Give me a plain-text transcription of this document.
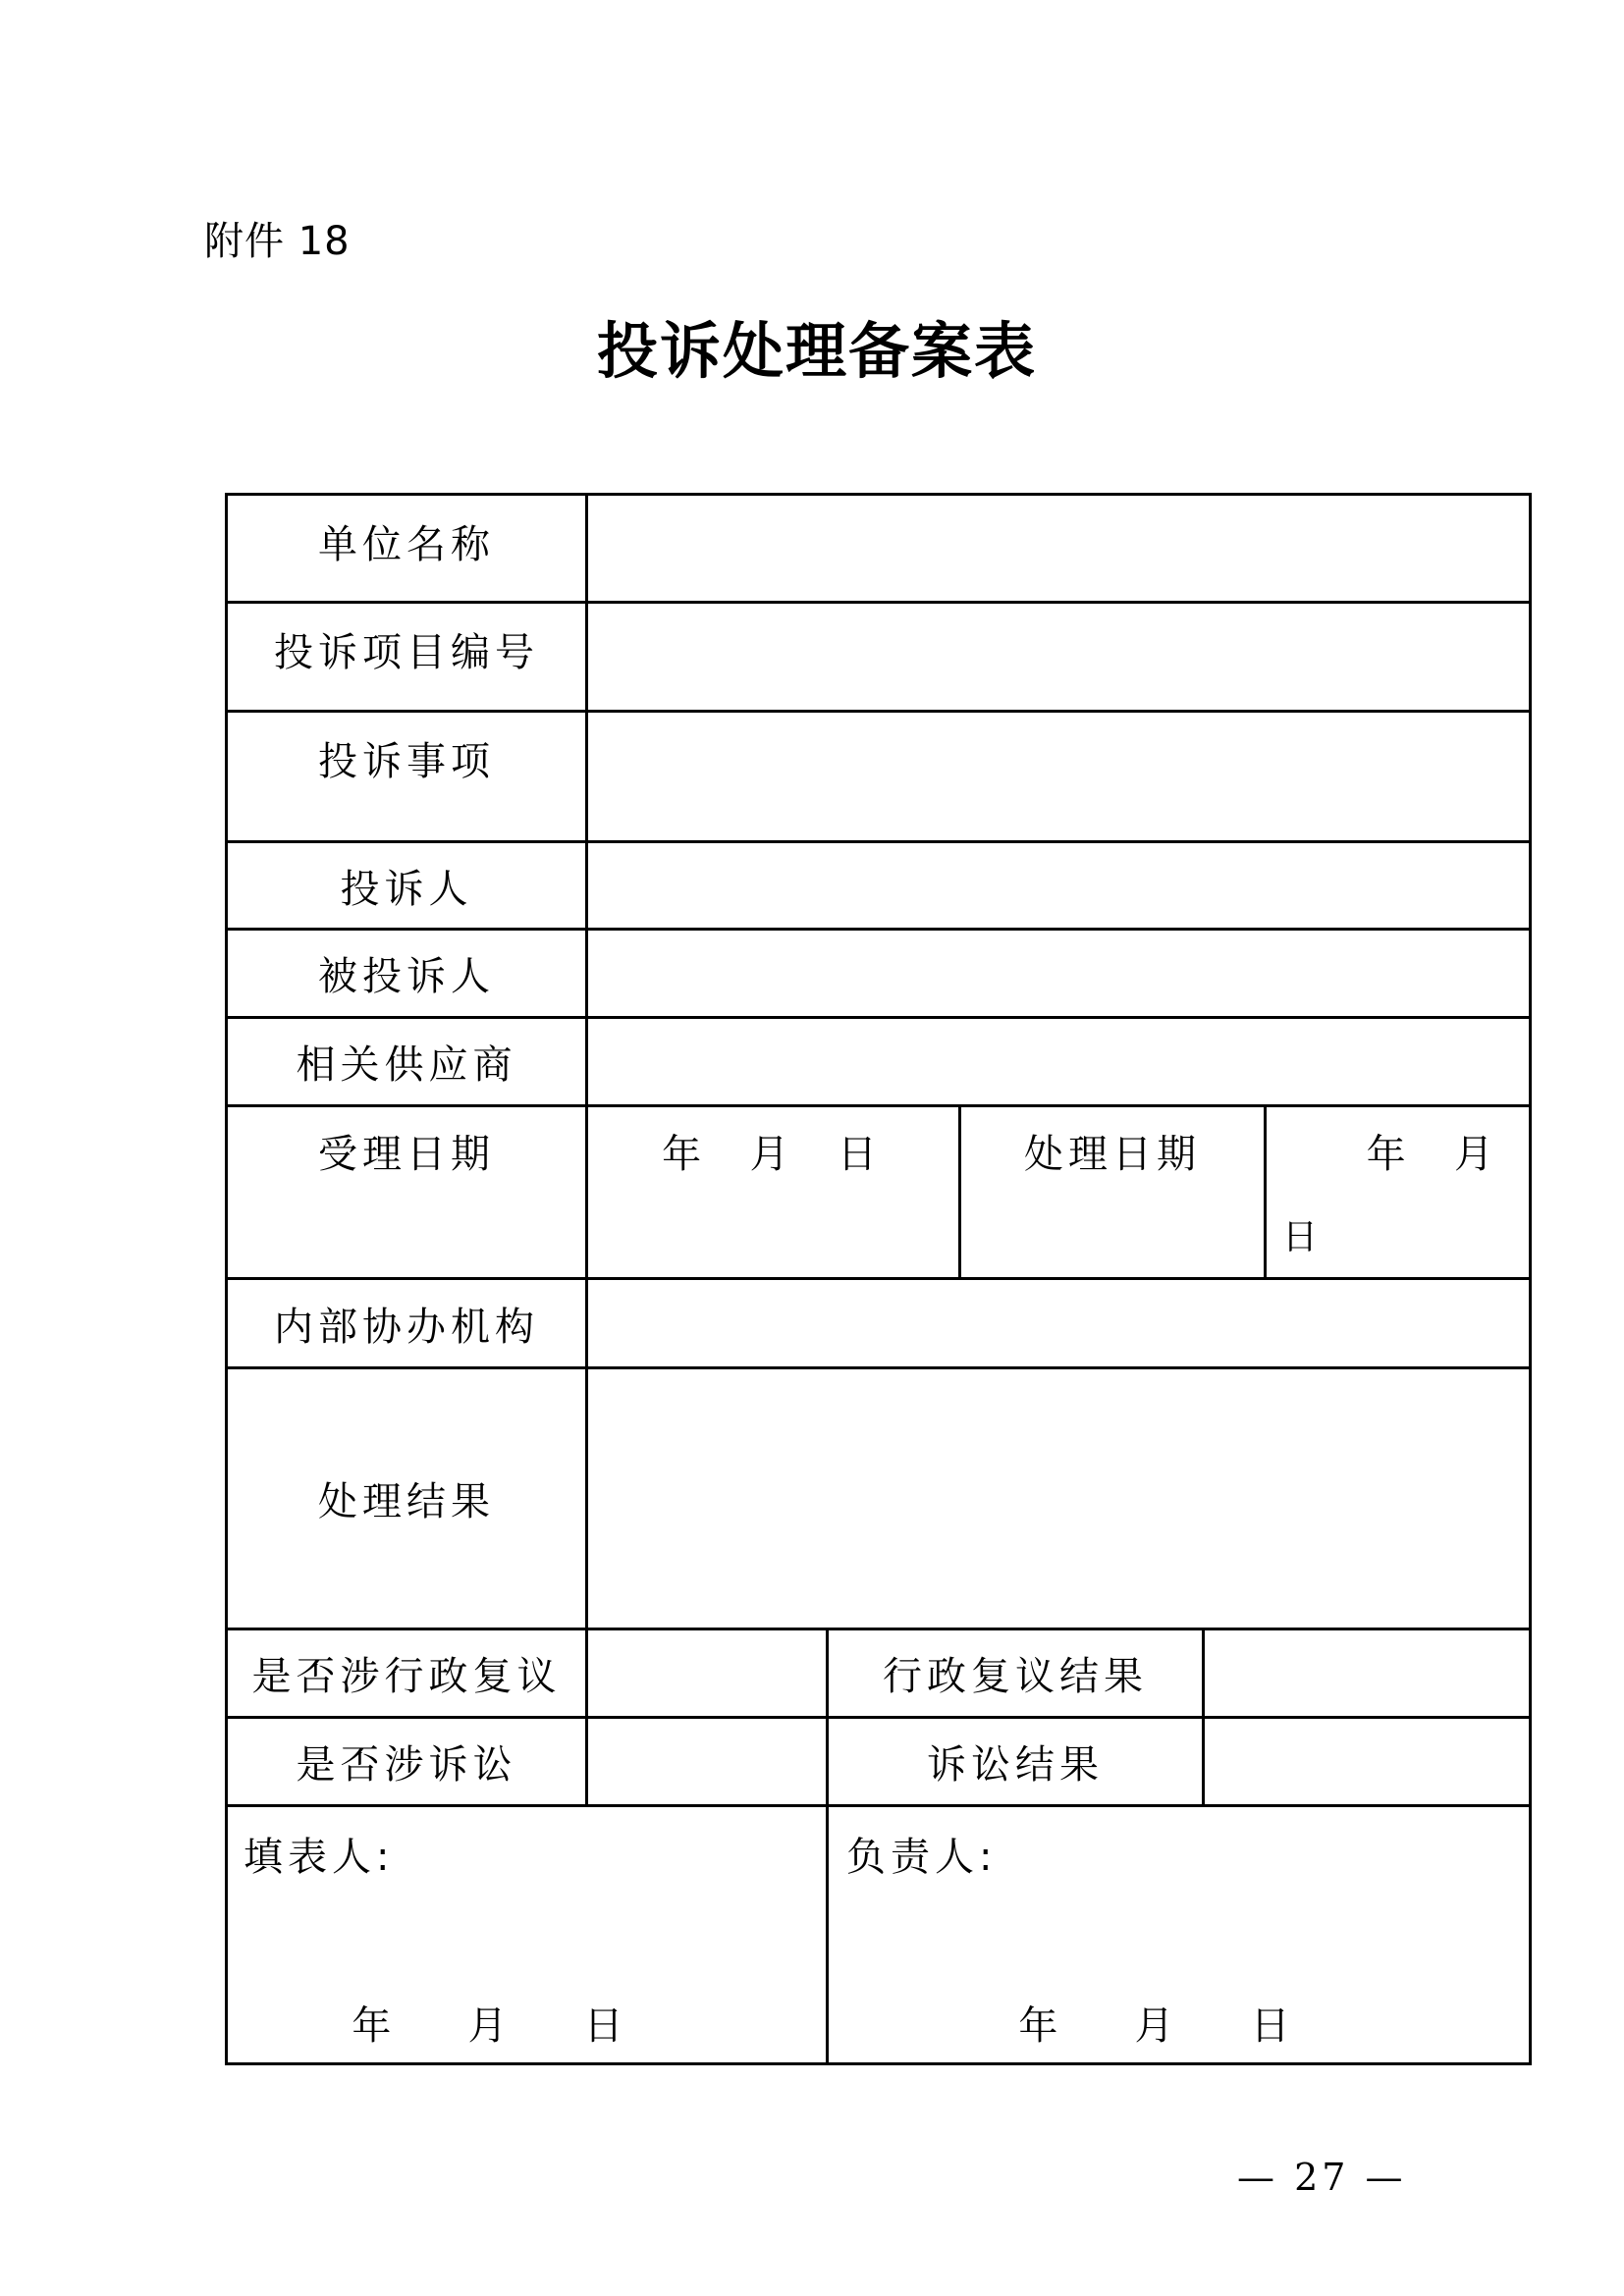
附件 18
投诉处理备案表
单位名称
投诉项目编号
投诉事项
投诉人
被投诉人
相关供应商
受理日期	年  月  日	处理日期	年  月
日
内部协办机构
处理结果
是否涉行政复议	行政复议结果
是否涉诉讼	诉讼结果
填表人:
年   月   日
负责人:
年   月   日
— 27 —
